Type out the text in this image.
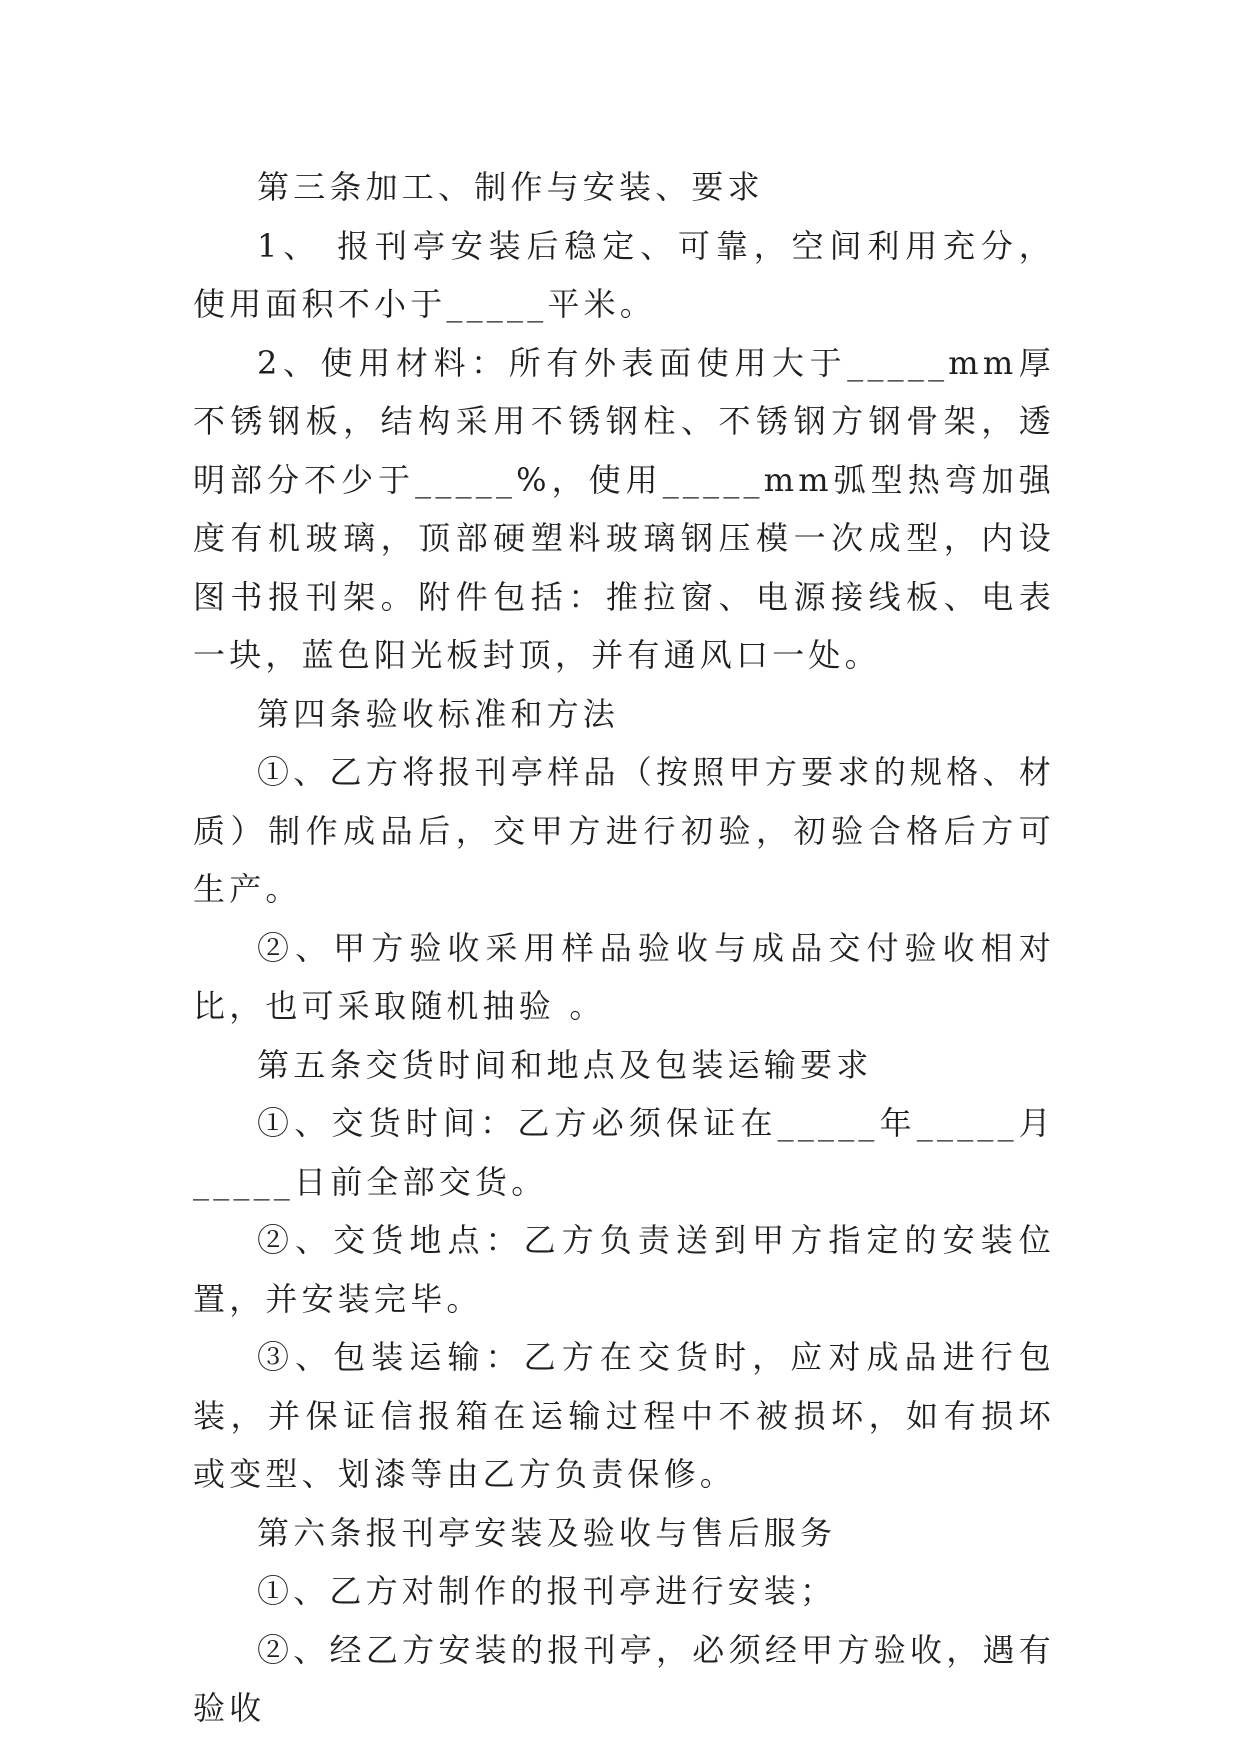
第三条加工、制作与安装、要求

1、 报刊亭安装后稳定、可靠，空间利用充分，使用面积不小于_____平米。

2、使用材料：所有外表面使用大于_____mm厚不锈钢板，结构采用不锈钢柱、不锈钢方钢骨架，透明部分不少于_____%，使用_____mm弧型热弯加强度有机玻璃，顶部硬塑料玻璃钢压模一次成型，内设图书报刊架。附件包括：推拉窗、电源接线板、电表一块，蓝色阳光板封顶，并有通风口一处。

第四条验收标准和方法

①、乙方将报刊亭样品（按照甲方要求的规格、材质）制作成品后，交甲方进行初验，初验合格后方可生产。

②、甲方验收采用样品验收与成品交付验收相对比，也可采取随机抽验 。

第五条交货时间和地点及包装运输要求

①、交货时间：乙方必须保证在_____年_____月_____日前全部交货。

②、交货地点：乙方负责送到甲方指定的安装位置，并安装完毕。

③、包装运输：乙方在交货时，应对成品进行包装，并保证信报箱在运输过程中不被损坏，如有损坏或变型、划漆等由乙方负责保修。

第六条报刊亭安装及验收与售后服务

①、乙方对制作的报刊亭进行安装；

②、经乙方安装的报刊亭，必须经甲方验收，遇有验收
